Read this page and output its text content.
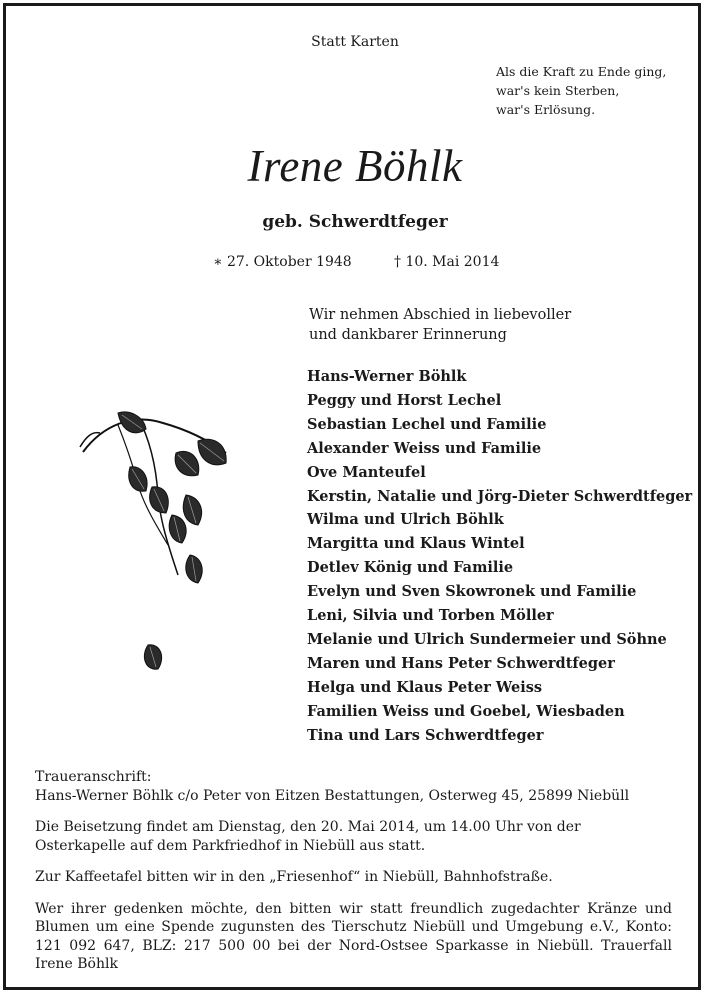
Statt Karten
Als die Kraft zu Ende ging,
war's kein Sterben,
war's Erlösung.
Irene Böhlk
geb. Schwerdtfeger
∗ 27. Oktober 1948	† 10. Mai 2014
Wir nehmen Abschied in liebevoller
und dankbarer Erinnerung
Hans-Werner Böhlk
Peggy und Horst Lechel
Sebastian Lechel und Familie
Alexander Weiss und Familie
Ove Manteufel
Kerstin, Natalie und Jörg-Dieter Schwerdtfeger
Wilma und Ulrich Böhlk
Margitta und Klaus Wintel
Detlev König und Familie
Evelyn und Sven Skowronek und Familie
Leni, Silvia und Torben Möller
Melanie und Ulrich Sundermeier und Söhne
Maren und Hans Peter Schwerdtfeger
Helga und Klaus Peter Weiss
Familien Weiss und Goebel, Wiesbaden
Tina und Lars Schwerdtfeger

Traueranschrift:

Hans-Werner Böhlk c/o Peter von Eitzen Bestattungen, Osterweg 45, 25899 Niebüll

Die Beisetzung findet am Dienstag, den 20. Mai 2014, um 14.00 Uhr von der Osterkapelle auf dem Parkfriedhof in Niebüll aus statt.

Zur Kaffeetafel bitten wir in den „Friesenhof“ in Niebüll, Bahnhofstraße.

Wer ihrer gedenken möchte, den bitten wir statt freundlich zugedachter Kränze und Blumen um eine Spende zugunsten des Tierschutz Niebüll und Umgebung e.V., Konto: 121 092 647, BLZ: 217 500 00 bei der Nord-Ostsee Sparkasse in Niebüll. Trauerfall Irene Böhlk
